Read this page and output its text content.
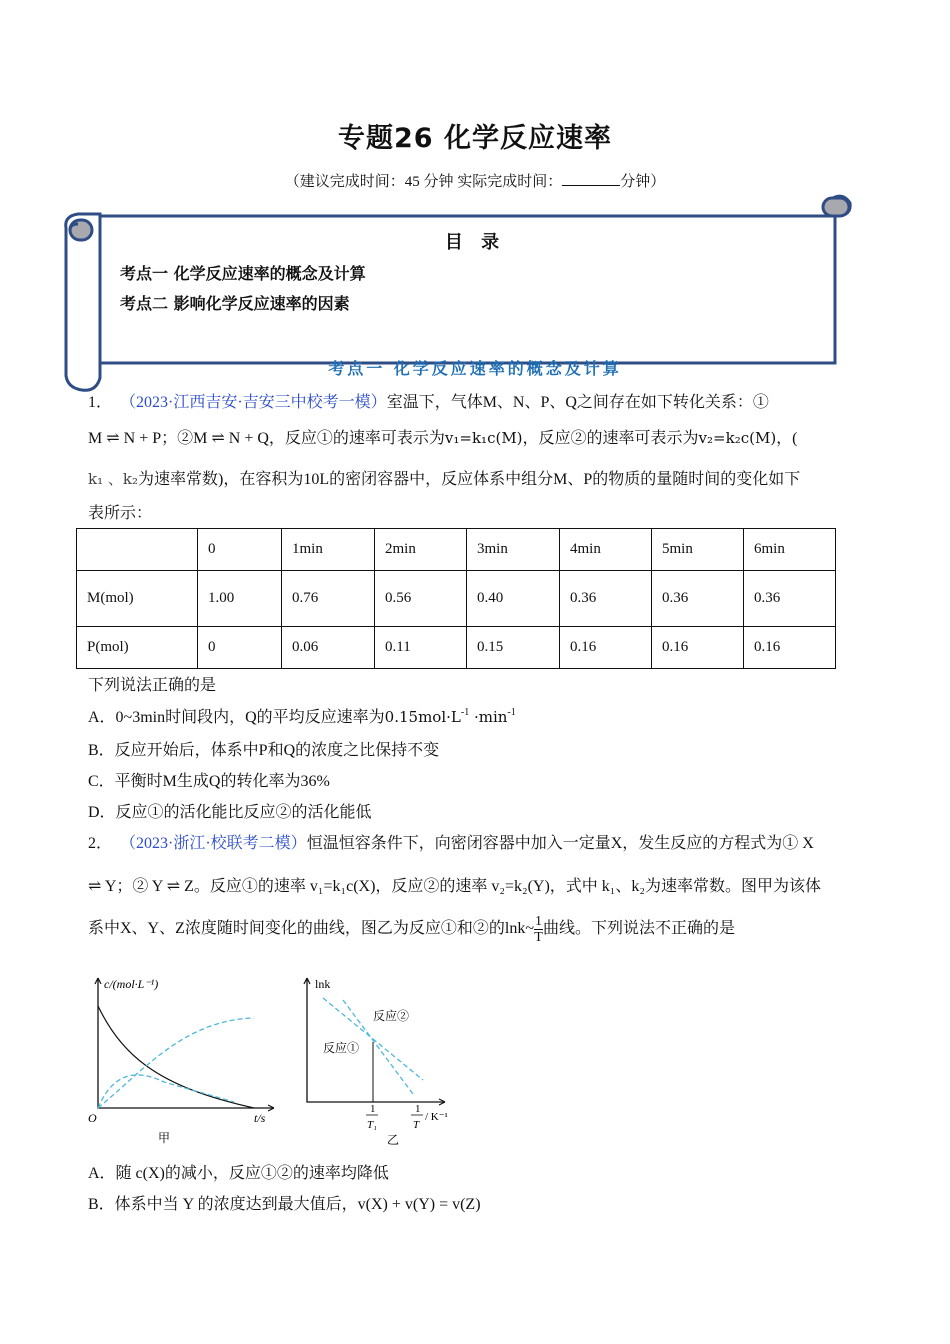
专题26 化学反应速率
（建议完成时间：45 分钟 实际完成时间：	分钟）
目 录
考点一 化学反应速率的概念及计算
考点二 影响化学反应速率的因素
考点一 化学反应速率的概念及计算
1． （2023·江西吉安·吉安三中校考一模）室温下，气体M、N、P、Q之间存在如下转化关系：①
M ⇌ N + P；②M ⇌ N + Q，反应①的速率可表示为v₁=k₁c(M)，反应②的速率可表示为v₂=k₂c(M)，(
k₁ 、k₂为速率常数)，在容积为10L的密闭容器中，反应体系中组分M、P的物质的量随时间的变化如下
表所示：
	0	1min	2min	3min	4min	5min	6min
M(mol)	1.00	0.76	0.56	0.40	0.36	0.36	0.36
P(mol)	0	0.06	0.11	0.15	0.16	0.16	0.16
下列说法正确的是
A．0~3min时间段内，Q的平均反应速率为$0.15mol\cdot L^{-1} \cdot\min^{-1}$
B．反应开始后，体系中P和Q的浓度之比保持不变
C．平衡时M生成Q的转化率为36%
D．反应①的活化能比反应②的活化能低
2． （2023·浙江·校联考二模）恒温恒容条件下，向密闭容器中加入一定量X，发生反应的方程式为① X
⇌ Y；② Y ⇌ Z。反应①的速率 v₁=k₁c(X)，反应②的速率 v₂=k₂(Y)，式中 k₁、k₂为速率常数。图甲为该体
系中X、Y、Z浓度随时间变化的曲线，图乙为反应①和②的lnk~ $\frac{1}{T}$ 曲线。下列说法不正确的是
c/(mol·L⁻¹)
t/s
O
甲
lnk
反应②
反应①
1
T₁
1
T
/ K⁻¹
乙
A．随 c(X)的减小，反应①②的速率均降低
B．体系中当 Y 的浓度达到最大值后，v(X) + v(Y) = v(Z)
